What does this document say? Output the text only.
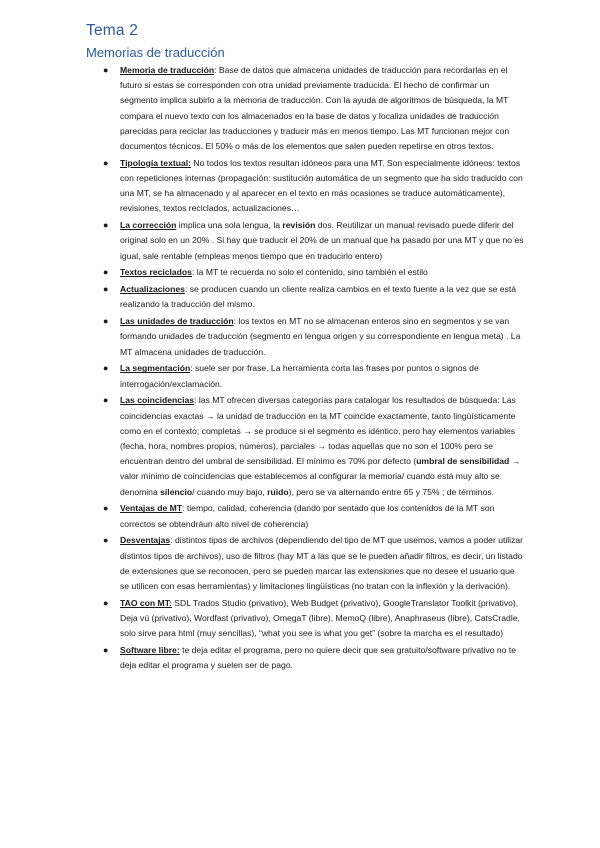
Tema 2
Memorias de traducción
● Memoria de traducción: Base de datos que almacena unidades de traducción para recordarlas en el futuro si estas se corresponden con otra unidad previamente traducida. El hecho de confirmar un segmento implica subirlo a la memoria de traducción. Con la ayuda de algoritmos de búsqueda, la MT compara el nuevo texto con los almacenados en la base de datos y localiza unidades de traducción parecidas para reciclar las traducciones y traducir más en menos tiempo. Las MT funcionan mejor con documentos técnicos. El 50% o más de los elementos que salen pueden repetirse en otros textos.
● Tipología textual: No todos los textos resultan idóneos para una MT. Son especialmente idóneos: textos con repeticiones internas (propagación: sustitución automática de un segmento que ha sido traducido con una MT, se ha almacenado y al aparecer en el texto en más ocasiones se traduce automáticamente), revisiones, textos reciclados, actualizaciones…
● La corrección implica una sola lengua, la revisión dos. Reutilizar un manual revisado puede diferir del original solo en un 20% . Si hay que traducir el 20% de un manual que ha pasado por una MT y que no es igual, sale rentable (empleas menos tiempo que en traducirlo entero)
● Textos reciclados: la MT te recuerda no solo el contenido, sino también el estilo
● Actualizaciones: se producen cuando un cliente realiza cambios en el texto fuente a la vez que se está realizando la traducción del mismo.
● Las unidades de traducción: los textos en MT no se almacenan enteros sino en segmentos y se van formando unidades de traducción (segmento en lengua origen y su correspondiente en lengua meta) . La MT almacena unidades de traducción.
● La segmentación: suele ser por frase. La herramienta corta las frases por puntos o signos de interrogación/exclamación.
● Las coincidencias: las MT ofrecen diversas categorías para catalogar los resultados de búsqueda: Las coincidencias exactas → la unidad de traducción en la MT coincide exactamente, tanto lingüísticamente como en el contexto; completas → se produce si el segmento es idéntico, pero hay elementos variables (fecha, hora, nombres propios, números), parciales → todas aquellas que no son el 100% pero se encuentran dentro del umbral de sensibilidad. El mínimo es 70% por defecto (umbral de sensibilidad → valor mínimo de coincidencias que establecemos al configurar la memoria/ cuando está muy alto se denomina silencio/ cuando muy bajo, ruido), pero se va alternando entre 65 y 75% ; de términos.
● Ventajas de MT: tiempo, calidad, coherencia (dando por sentado que los contenidos de la MT son correctos se obtendráun alto nivel de coherencia)
● Desventajas: distintos tipos de archivos (dependiendo del tipo de MT que usemos, vamos a poder utilizar distintos tipos de archivos), uso de filtros (hay MT a las que se le pueden añadir filtros, es decir, un listado de extensiones que se reconocen, pero se pueden marcar las extensiones que no desee el usuario que se utilicen con esas herramientas) y limitaciones lingüísticas (no tratan con la inflexión y la derivación).
● TAO con MT: SDL Trados Studio (privativo), Web Budget (privativo), GoogleTranslator Toolkit (privativo), Deja vú (privativo), Wordfast (privativo), OmegaT (libre), MemoQ (libre), Anaphraseus (libre), CatsCradle, solo sirve para html (muy sencillas), “what you see is what you get” (sobre la marcha es el resultado)
● Software libre: te deja editar el programa, pero no quiere decir que sea gratuito/software privativo no te deja editar el programa y suelen ser de pago.
